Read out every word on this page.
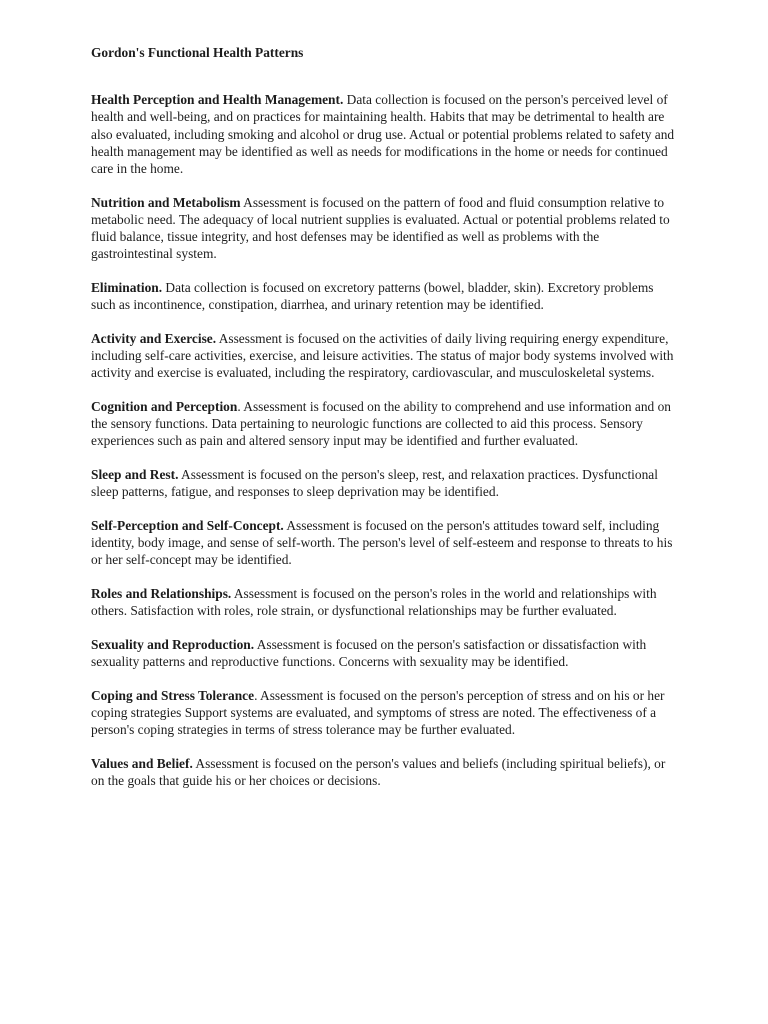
Gordon's Functional Health Patterns
Health Perception and Health Management. Data collection is focused on the person's perceived level of health and well-being, and on practices for maintaining health. Habits that may be detrimental to health are also evaluated, including smoking and alcohol or drug use. Actual or potential problems related to safety and health management may be identified as well as needs for modifications in the home or needs for continued care in the home.
Nutrition and Metabolism Assessment is focused on the pattern of food and fluid consumption relative to metabolic need. The adequacy of local nutrient supplies is evaluated. Actual or potential problems related to fluid balance, tissue integrity, and host defenses may be identified as well as problems with the gastrointestinal system.
Elimination. Data collection is focused on excretory patterns (bowel, bladder, skin). Excretory problems such as incontinence, constipation, diarrhea, and urinary retention may be identified.
Activity and Exercise. Assessment is focused on the activities of daily living requiring energy expenditure, including self-care activities, exercise, and leisure activities. The status of major body systems involved with activity and exercise is evaluated, including the respiratory, cardiovascular, and musculoskeletal systems.
Cognition and Perception. Assessment is focused on the ability to comprehend and use information and on the sensory functions. Data pertaining to neurologic functions are collected to aid this process. Sensory experiences such as pain and altered sensory input may be identified and further evaluated.
Sleep and Rest. Assessment is focused on the person's sleep, rest, and relaxation practices. Dysfunctional sleep patterns, fatigue, and responses to sleep deprivation may be identified.
Self-Perception and Self-Concept. Assessment is focused on the person's attitudes toward self, including identity, body image, and sense of self-worth. The person's level of self-esteem and response to threats to his or her self-concept may be identified.
Roles and Relationships. Assessment is focused on the person's roles in the world and relationships with others. Satisfaction with roles, role strain, or dysfunctional relationships may be further evaluated.
Sexuality and Reproduction. Assessment is focused on the person's satisfaction or dissatisfaction with sexuality patterns and reproductive functions. Concerns with sexuality may be identified.
Coping and Stress Tolerance. Assessment is focused on the person's perception of stress and on his or her coping strategies Support systems are evaluated, and symptoms of stress are noted. The effectiveness of a person's coping strategies in terms of stress tolerance may be further evaluated.
Values and Belief. Assessment is focused on the person's values and beliefs (including spiritual beliefs), or on the goals that guide his or her choices or decisions.
